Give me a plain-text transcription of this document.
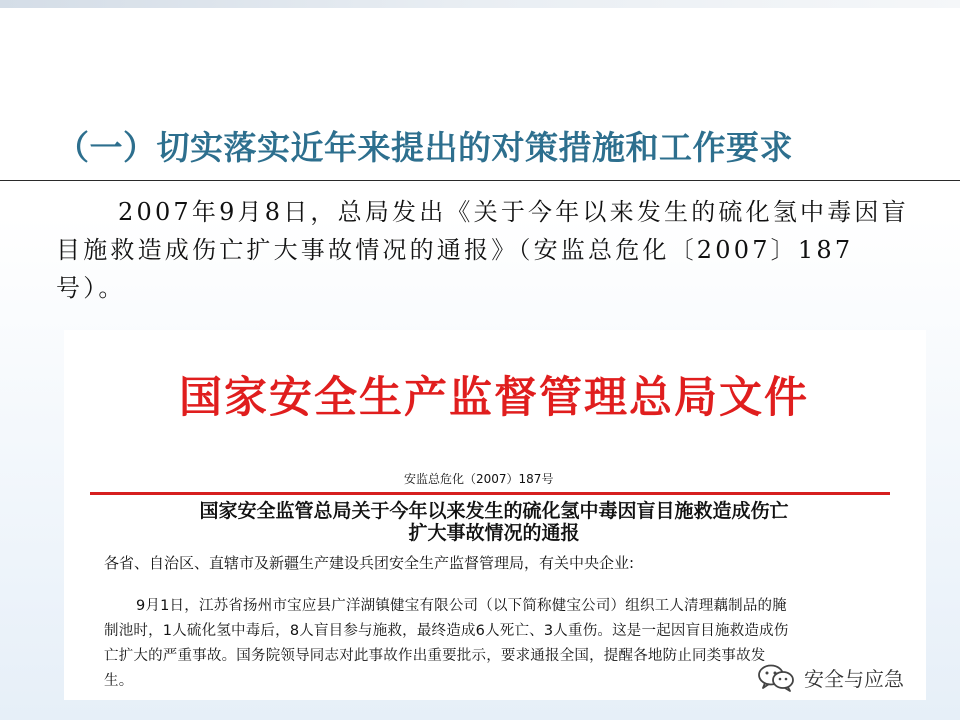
（一）切实落实近年来提出的对策措施和工作要求
2007年9月8日，总局发出《关于今年以来发生的硫化氢中毒因盲目施救造成伤亡扩大事故情况的通报》（安监总危化〔2007〕187号）。
国家安全生产监督管理总局文件
安监总危化（2007）187号
国家安全监管总局关于今年以来发生的硫化氢中毒因盲目施救造成伤亡
扩大事故情况的通报
各省、自治区、直辖市及新疆生产建设兵团安全生产监督管理局，有关中央企业:
9月1日，江苏省扬州市宝应县广洋湖镇健宝有限公司（以下简称健宝公司）组织工人清理藕制品的腌制池时，1人硫化氢中毒后，8人盲目参与施救，最终造成6人死亡、3人重伤。这是一起因盲目施救造成伤亡扩大的严重事故。国务院领导同志对此事故作出重要批示，要求通报全国，提醒各地防止同类事故发生。	安全与应急
